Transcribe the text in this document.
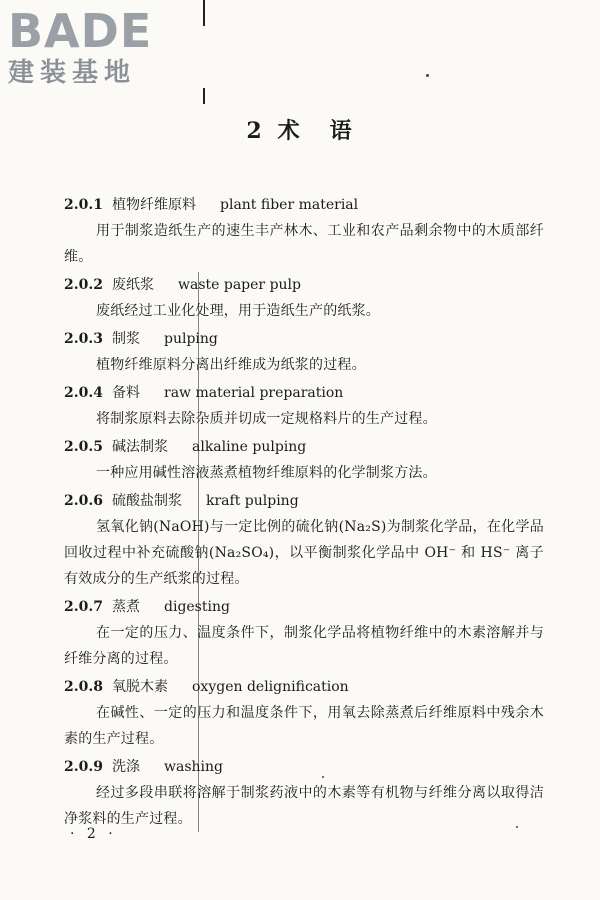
BADE
建装基地
2 术 语
2.0.1 植物纤维原料 plant fiber material
用于制浆造纸生产的速生丰产林木、工业和农产品剩余物中的木质部纤维。
2.0.2 废纸浆 waste paper pulp
废纸经过工业化处理，用于造纸生产的纸浆。
2.0.3 制浆 pulping
植物纤维原料分离出纤维成为纸浆的过程。
2.0.4 备料 raw material preparation
将制浆原料去除杂质并切成一定规格料片的生产过程。
2.0.5 碱法制浆 alkaline pulping
一种应用碱性溶液蒸煮植物纤维原料的化学制浆方法。
2.0.6 硫酸盐制浆 kraft pulping
氢氧化钠(NaOH)与一定比例的硫化钠(Na₂S)为制浆化学品，在化学品回收过程中补充硫酸钠(Na₂SO₄)，以平衡制浆化学品中 OH⁻ 和 HS⁻ 离子有效成分的生产纸浆的过程。
2.0.7 蒸煮 digesting
在一定的压力、温度条件下，制浆化学品将植物纤维中的木素溶解并与纤维分离的过程。
2.0.8 氧脱木素 oxygen delignification
在碱性、一定的压力和温度条件下，用氧去除蒸煮后纤维原料中残余木素的生产过程。
2.0.9 洗涤 washing
经过多段串联将溶解于制浆药液中的木素等有机物与纤维分离以取得洁净浆料的生产过程。
· 2 ·
